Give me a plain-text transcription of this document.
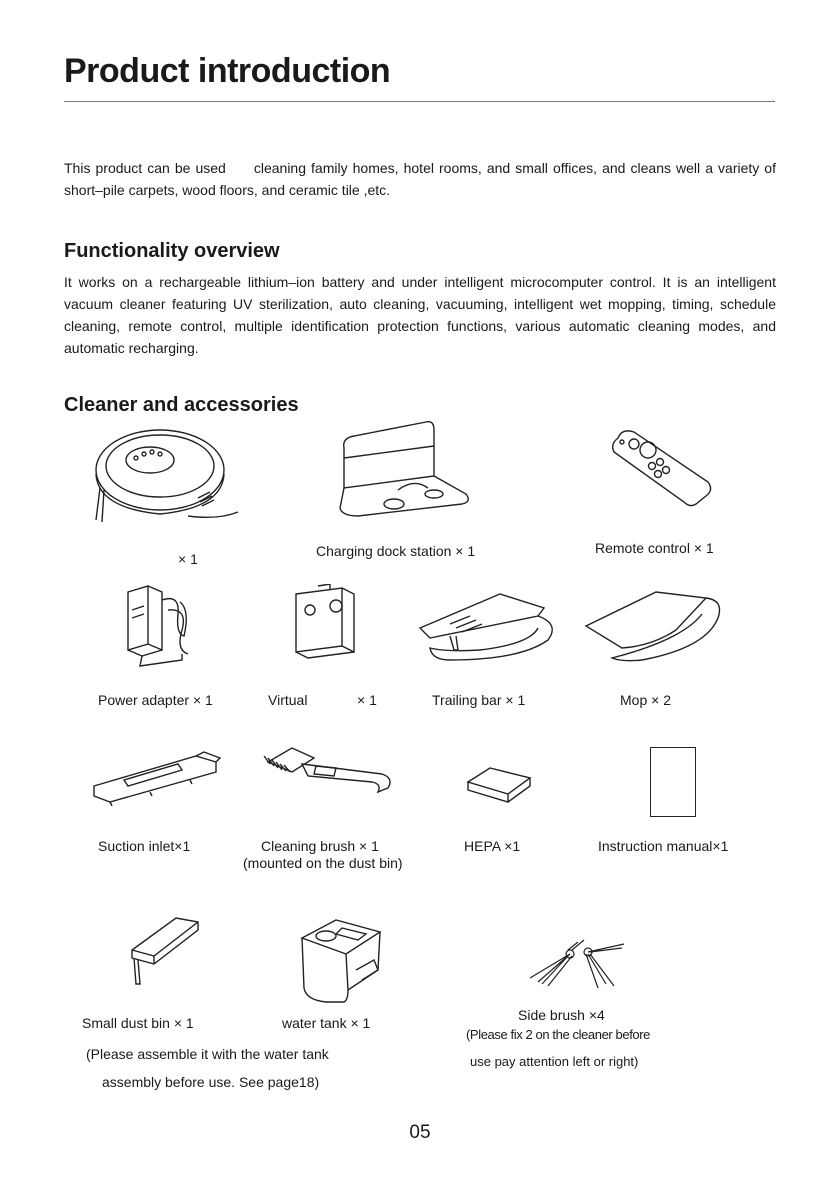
Product introduction

This product can be used cleaning family homes, hotel rooms, and small offices, and cleans well a variety of short–pile carpets, wood floors, and ceramic tile ,etc.

Functionality overview

It works on a rechargeable lithium–ion battery and under intelligent microcomputer control. It is an intelligent vacuum cleaner featuring UV sterilization, auto cleaning, vacuuming, intelligent wet mopping, timing, schedule cleaning, remote control, multiple identification protection functions, various automatic cleaning modes, and automatic recharging.

Cleaner and accessories
× 1	Charging dock station × 1	Remote control × 1
Power adapter × 1	Virtual	× 1	Trailing bar × 1	Mop × 2
Suction inlet×1	Cleaning brush × 1
(mounted on the dust bin)
HEPA ×1	Instruction manual×1
Small dust bin × 1	water tank × 1	Side brush ×4
(Please assemble it with the water tank
assembly before use. See page18)
(Please fix 2 on the cleaner before
use pay attention left or right)
05
